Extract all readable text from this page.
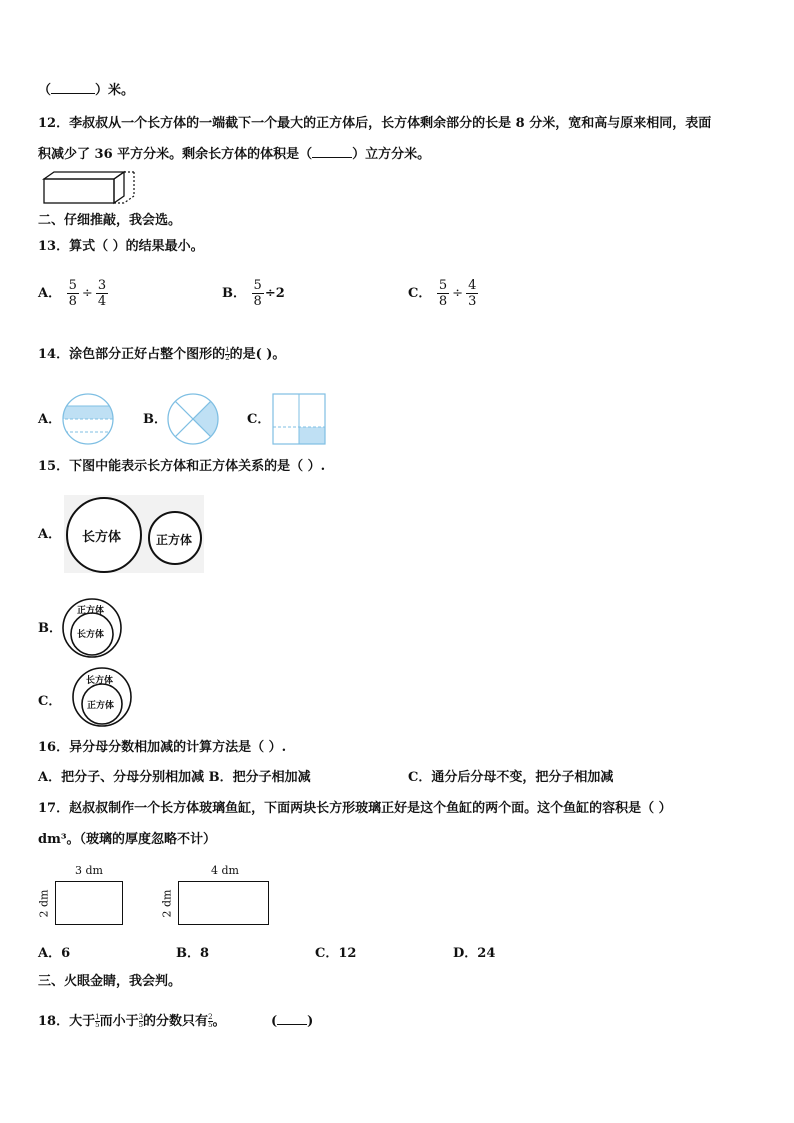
（	）米。
12．李叔叔从一个长方体的一端截下一个最大的正方体后，长方体剩余部分的长是 8 分米，宽和高与原来相同，表面
积减少了 36 平方分米。剩余长方体的体积是（	）立方分米。
二、仔细推敲，我会选。
13．算式（ ）的结果最小。
A． $\frac{5}{8} \div \frac{3}{4}$	B． $\frac{5}{8} \div 2$	C． $\frac{5}{8} \div \frac{4}{3}$
14．涂色部分正好占整个图形的 $\frac{1}{2}$ 的是( )。
A．	B．	C．
15．下图中能表示长方体和正方体关系的是（ ）.
A． 长方体	正方体
B．
正方体
长方体
C．
长方体
正方体
16．异分母分数相加减的计算方法是（ ）.
A．把分子、分母分别相加减 B．把分子相加减	C．通分后分母不变，把分子相加减
17．赵叔叔制作一个长方体玻璃鱼缸，下面两块长方形玻璃正好是这个鱼缸的两个面。这个鱼缸的容积是（ ）
dm³。（玻璃的厚度忽略不计）
3 dm
2 dm
4 dm
2 dm
A．6	B．8	C．12	D．24
三、火眼金睛，我会判。
18．大于 $\frac{1}{5}$ 而小于 $\frac{3}{5}$ 的分数只有 $\frac{2}{5}$ 。	( )
